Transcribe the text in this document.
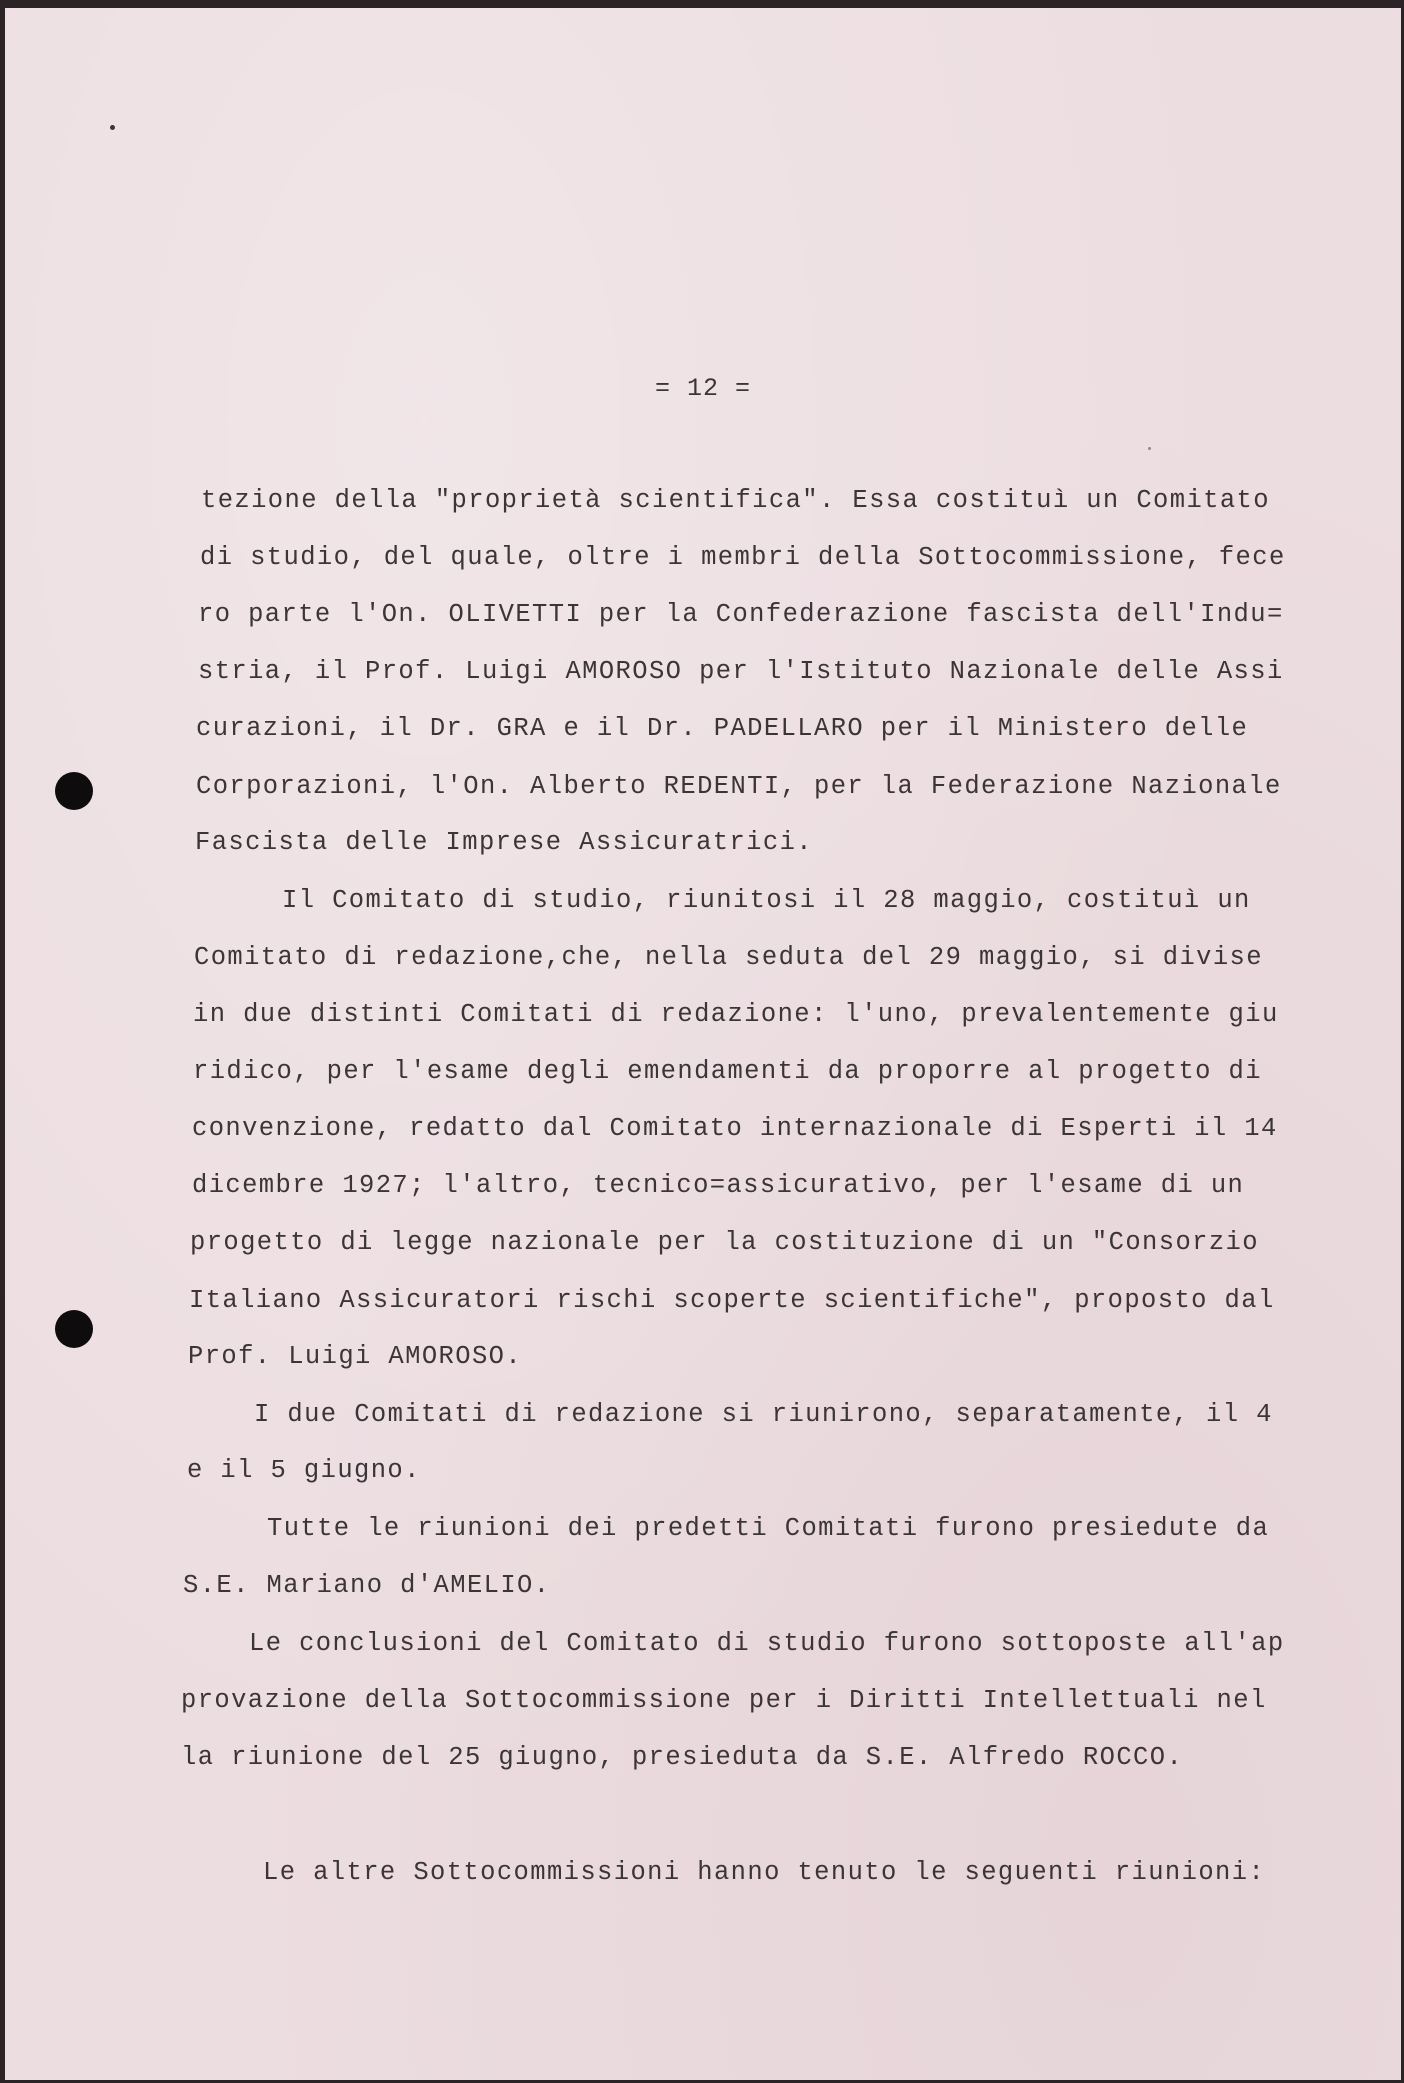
= 12 =
tezione della "proprietà scientifica". Essa costituì un Comitato
di studio, del quale, oltre i membri della Sottocommissione, fece
ro parte l'On. OLIVETTI per la Confederazione fascista dell'Indu=
stria, il Prof. Luigi AMOROSO per l'Istituto Nazionale delle Assi
curazioni, il Dr. GRA e il Dr. PADELLARO per il Ministero delle
Corporazioni, l'On. Alberto REDENTI, per la Federazione Nazionale
Fascista delle Imprese Assicuratrici.
Il Comitato di studio, riunitosi il 28 maggio, costituì un
Comitato di redazione,che, nella seduta del 29 maggio, si divise
in due distinti Comitati di redazione: l'uno, prevalentemente giu
ridico, per l'esame degli emendamenti da proporre al progetto di
convenzione, redatto dal Comitato internazionale di Esperti il 14
dicembre 1927; l'altro, tecnico=assicurativo, per l'esame di un
progetto di legge nazionale per la costituzione di un "Consorzio
Italiano Assicuratori rischi scoperte scientifiche", proposto dal
Prof. Luigi AMOROSO.
I due Comitati di redazione si riunirono, separatamente, il 4
e il 5 giugno.
Tutte le riunioni dei predetti Comitati furono presiedute da
S.E. Mariano d'AMELIO.
Le conclusioni del Comitato di studio furono sottoposte all'ap
provazione della Sottocommissione per i Diritti Intellettuali nel
la riunione del 25 giugno, presieduta da S.E. Alfredo ROCCO.
Le altre Sottocommissioni hanno tenuto le seguenti riunioni:
